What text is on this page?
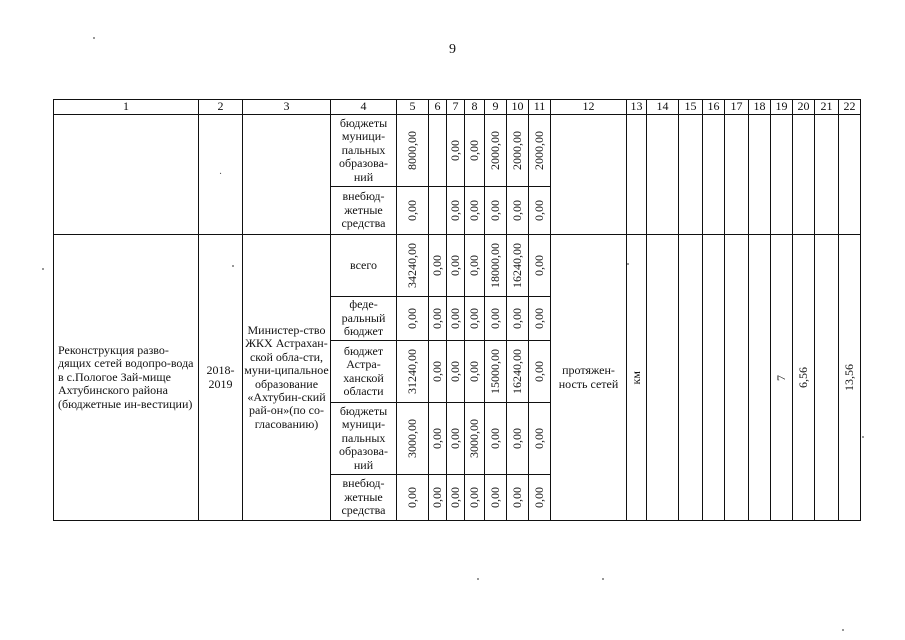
9
1	2	3	4	5	6	7	8	9	10	11	12	13	14	15	16	17	18	19	20	21	22
	·		бюджеты муници-пальных образова-ний	8000,00		0,00	0,00	2000,00	2000,00	2000,00											

			внебюд-жетные средства	0,00		0,00	0,00	0,00	0,00	0,00											

Реконструкция разво-дящих сетей водопро-вода в с.Пологое Зай-мище Ахтубинского района (бюджетные ин-вестиции)	2018-2019	Министер-ство ЖКХ Астрахан-ской обла-сти, муни-ципальное образование «Ахтубин-ский рай-он»(по со-гласованию)	всего	34240,00	0,00	0,00	0,00	18000,00	16240,00	0,00	протяжен-ность сетей	км						7	6,56		13,56

			феде-ральный бюджет	0,00	0,00	0,00	0,00	0,00	0,00	0,00											

			бюджет Астра-ханской области	31240,00	0,00	0,00	0,00	15000,00	16240,00	0,00											

			бюджеты муници-пальных образова-ний	3000,00	0,00	0,00	3000,00	0,00	0,00	0,00											

			внебюд-жетные средства	0,00	0,00	0,00	0,00	0,00	0,00	0,00											
